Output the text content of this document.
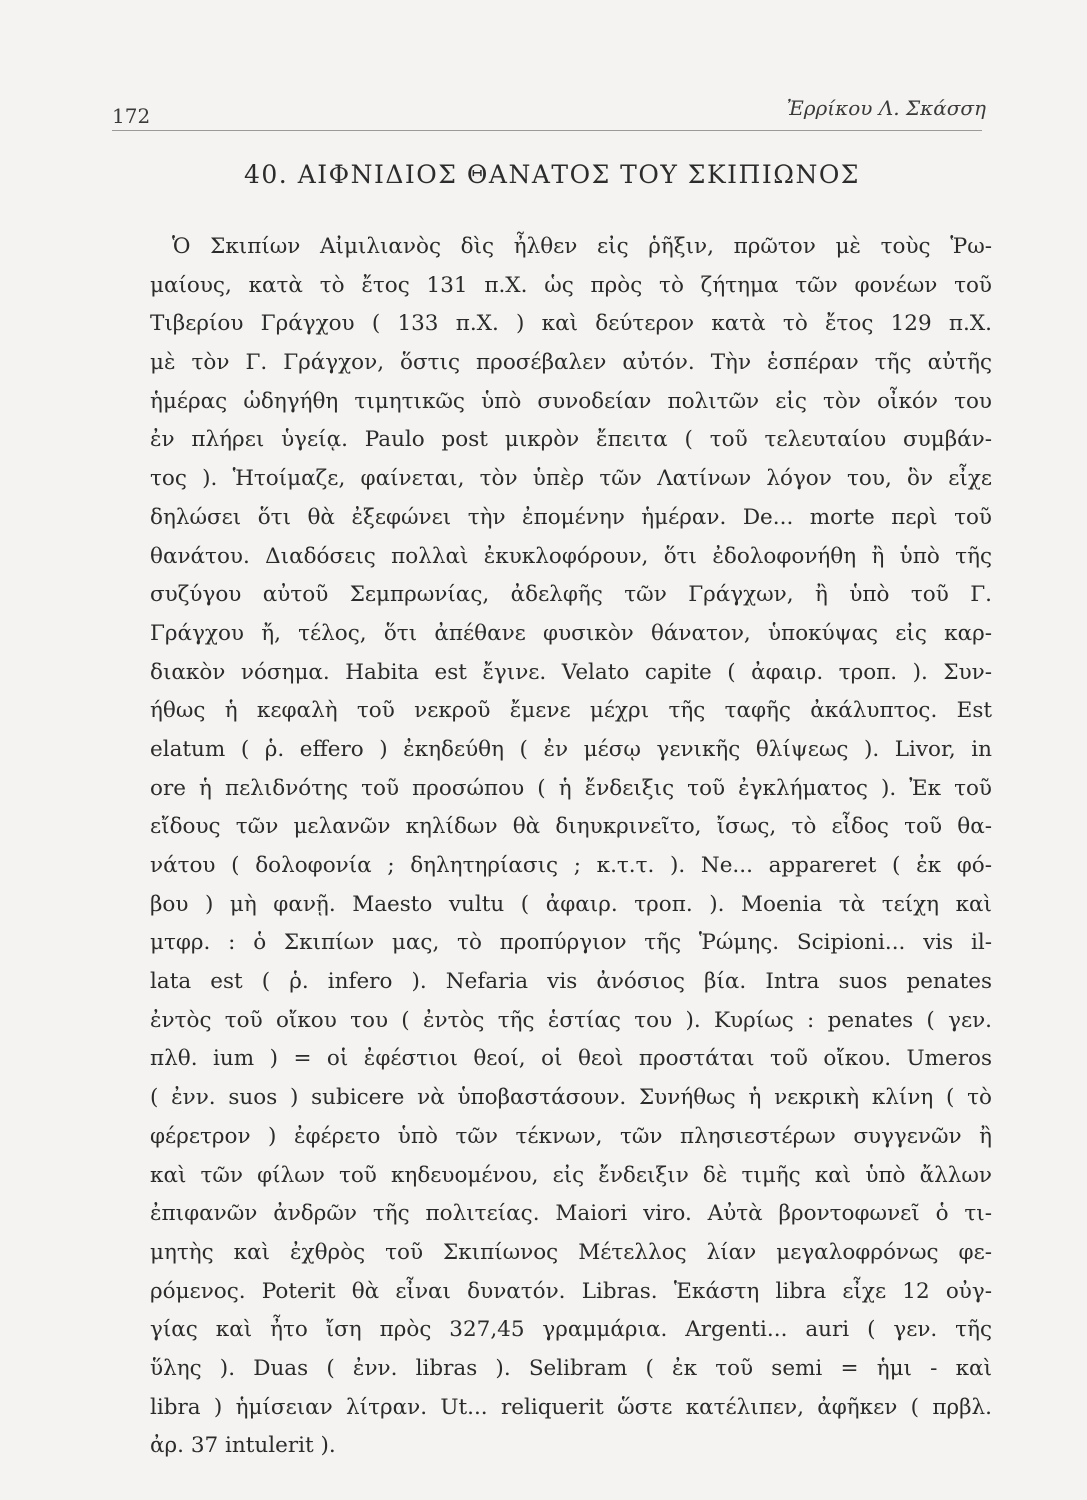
172	Ἐρρίκου Λ. Σκάσση
40. ΑΙΦΝΙΔΙΟΣ ΘΑΝΑΤΟΣ ΤΟΥ ΣΚΙΠΙΩΝΟΣ
Ὁ Σκιπίων Αἰμιλιανὸς δὶς ἦλθεν εἰς ῥῆξιν, πρῶτον μὲ τοὺς Ῥω-
μαίους, κατὰ τὸ ἔτος 131 π.Χ. ὡς πρὸς τὸ ζήτημα τῶν φονέων τοῦ
Τιβερίου Γράγχου ( 133 π.Χ. ) καὶ δεύτερον κατὰ τὸ ἔτος 129 π.Χ.
μὲ τὸν Γ. Γράγχον, ὅστις προσέβαλεν αὐτόν. Τὴν ἑσπέραν τῆς αὐτῆς
ἡμέρας ὡδηγήθη τιμητικῶς ὑπὸ συνοδείαν πολιτῶν εἰς τὸν οἶκόν του
ἐν πλήρει ὑγείᾳ. Paulo post μικρὸν ἔπειτα ( τοῦ τελευταίου συμβάν-
τος ). Ἡτοίμαζε, φαίνεται, τὸν ὑπὲρ τῶν Λατίνων λόγον του, ὃν εἶχε
δηλώσει ὅτι θὰ ἐξεφώνει τὴν ἐπομένην ἡμέραν. De... morte περὶ τοῦ
θανάτου. Διαδόσεις πολλαὶ ἐκυκλοφόρουν, ὅτι ἐδολοφονήθη ἢ ὑπὸ τῆς
συζύγου αὐτοῦ Σεμπρωνίας, ἀδελφῆς τῶν Γράγχων, ἢ ὑπὸ τοῦ Γ.
Γράγχου ἤ, τέλος, ὅτι ἀπέθανε φυσικὸν θάνατον, ὑποκύψας εἰς καρ-
διακὸν νόσημα. Habita est ἔγινε. Velato capite ( ἀφαιρ. τροπ. ). Συν-
ήθως ἡ κεφαλὴ τοῦ νεκροῦ ἔμενε μέχρι τῆς ταφῆς ἀκάλυπτος. Est
elatum ( ῥ. effero ) ἐκηδεύθη ( ἐν μέσῳ γενικῆς θλίψεως ). Livor, in
ore ἡ πελιδνότης τοῦ προσώπου ( ἡ ἔνδειξις τοῦ ἐγκλήματος ). Ἐκ τοῦ
εἴδους τῶν μελανῶν κηλίδων θὰ διηυκρινεῖτο, ἴσως, τὸ εἶδος τοῦ θα-
νάτου ( δολοφονία ; δηλητηρίασις ; κ.τ.τ. ). Ne... appareret ( ἐκ φό-
βου ) μὴ φανῇ. Maesto vultu ( ἀφαιρ. τροπ. ). Moenia τὰ τείχη καὶ
μτφρ. : ὁ Σκιπίων μας, τὸ προπύργιον τῆς Ῥώμης. Scipioni... vis il-
lata est ( ῥ. infero ). Nefaria vis ἀνόσιος βία. Intra suos penates
ἐντὸς τοῦ οἴκου του ( ἐντὸς τῆς ἑστίας του ). Κυρίως : penates ( γεν.
πλθ. ium ) = οἱ ἐφέστιοι θεοί, οἱ θεοὶ προστάται τοῦ οἴκου. Umeros
( ἐνν. suos ) subicere νὰ ὑποβαστάσουν. Συνήθως ἡ νεκρικὴ κλίνη ( τὸ
φέρετρον ) ἐφέρετο ὑπὸ τῶν τέκνων, τῶν πλησιεστέρων συγγενῶν ἢ
καὶ τῶν φίλων τοῦ κηδευομένου, εἰς ἔνδειξιν δὲ τιμῆς καὶ ὑπὸ ἄλλων
ἐπιφανῶν ἀνδρῶν τῆς πολιτείας. Maiori viro. Αὐτὰ βροντοφωνεῖ ὁ τι-
μητὴς καὶ ἐχθρὸς τοῦ Σκιπίωνος Μέτελλος λίαν μεγαλοφρόνως φε-
ρόμενος. Poterit θὰ εἶναι δυνατόν. Libras. Ἑκάστη libra εἶχε 12 οὐγ-
γίας καὶ ἦτο ἴση πρὸς 327,45 γραμμάρια. Argenti... auri ( γεν. τῆς
ὕλης ). Duas ( ἐνν. libras ). Selibram ( ἐκ τοῦ semi = ἡμι - καὶ
libra ) ἡμίσειαν λίτραν. Ut... reliquerit ὥστε κατέλιπεν, ἀφῆκεν ( πρβλ.
ἀρ. 37 intulerit ).
